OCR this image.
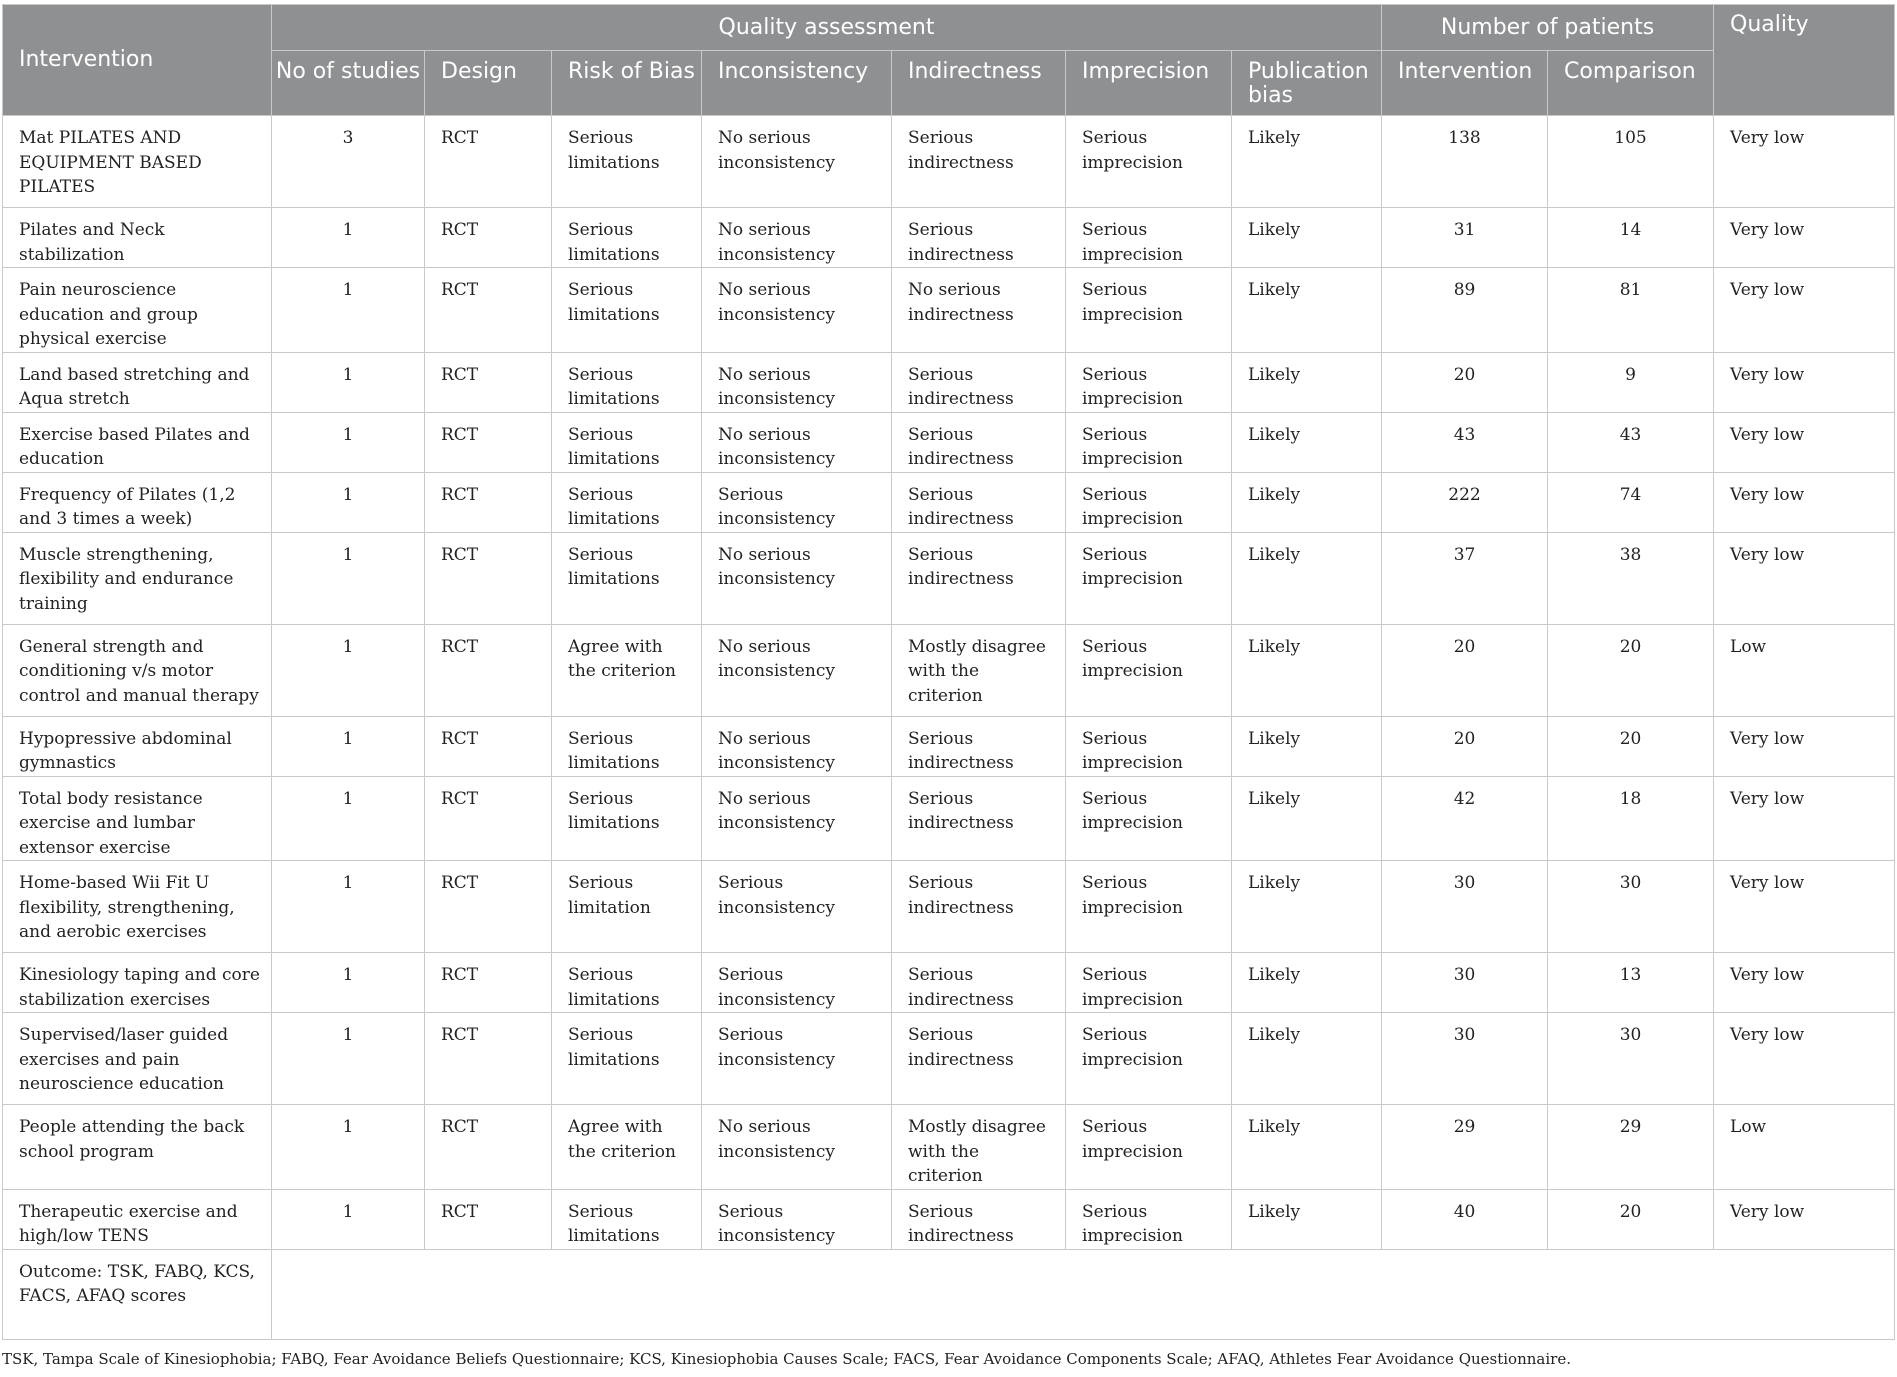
Intervention	Quality assessment							Number of patients		Quality
	No of studies	Design	Risk of Bias	Inconsistency	Indirectness	Imprecision	Publication bias	Intervention	Comparison	
Mat PILATES AND EQUIPMENT BASED PILATES	3	RCT	Serious limitations	No serious inconsistency	Serious indirectness	Serious imprecision	Likely	138	105	Very low
Pilates and Neck stabilization	1	RCT	Serious limitations	No serious inconsistency	Serious indirectness	Serious imprecision	Likely	31	14	Very low
Pain neuroscience education and group physical exercise	1	RCT	Serious limitations	No serious inconsistency	No serious indirectness	Serious imprecision	Likely	89	81	Very low
Land based stretching and Aqua stretch	1	RCT	Serious limitations	No serious inconsistency	Serious indirectness	Serious imprecision	Likely	20	9	Very low
Exercise based Pilates and education	1	RCT	Serious limitations	No serious inconsistency	Serious indirectness	Serious imprecision	Likely	43	43	Very low
Frequency of Pilates (1,2 and 3 times a week)	1	RCT	Serious limitations	Serious inconsistency	Serious indirectness	Serious imprecision	Likely	222	74	Very low
Muscle strengthening, flexibility and endurance training	1	RCT	Serious limitations	No serious inconsistency	Serious indirectness	Serious imprecision	Likely	37	38	Very low
General strength and conditioning v/s motor control and manual therapy	1	RCT	Agree with the criterion	No serious inconsistency	Mostly disagree with the criterion	Serious imprecision	Likely	20	20	Low
Hypopressive abdominal gymnastics	1	RCT	Serious limitations	No serious inconsistency	Serious indirectness	Serious imprecision	Likely	20	20	Very low
Total body resistance exercise and lumbar extensor exercise	1	RCT	Serious limitations	No serious inconsistency	Serious indirectness	Serious imprecision	Likely	42	18	Very low
Home-based Wii Fit U flexibility, strengthening, and aerobic exercises	1	RCT	Serious limitation	Serious inconsistency	Serious indirectness	Serious imprecision	Likely	30	30	Very low
Kinesiology taping and core stabilization exercises	1	RCT	Serious limitations	Serious inconsistency	Serious indirectness	Serious imprecision	Likely	30	13	Very low
Supervised/laser guided exercises and pain neuroscience education	1	RCT	Serious limitations	Serious inconsistency	Serious indirectness	Serious imprecision	Likely	30	30	Very low
People attending the back school program	1	RCT	Agree with the criterion	No serious inconsistency	Mostly disagree with the criterion	Serious imprecision	Likely	29	29	Low
Therapeutic exercise and high/low TENS	1	RCT	Serious limitations	Serious inconsistency	Serious indirectness	Serious imprecision	Likely	40	20	Very low
Outcome: TSK, FABQ, KCS, FACS, AFAQ scores										
TSK, Tampa Scale of Kinesiophobia; FABQ, Fear Avoidance Beliefs Questionnaire; KCS, Kinesiophobia Causes Scale; FACS, Fear Avoidance Components Scale; AFAQ, Athletes Fear Avoidance Questionnaire.
